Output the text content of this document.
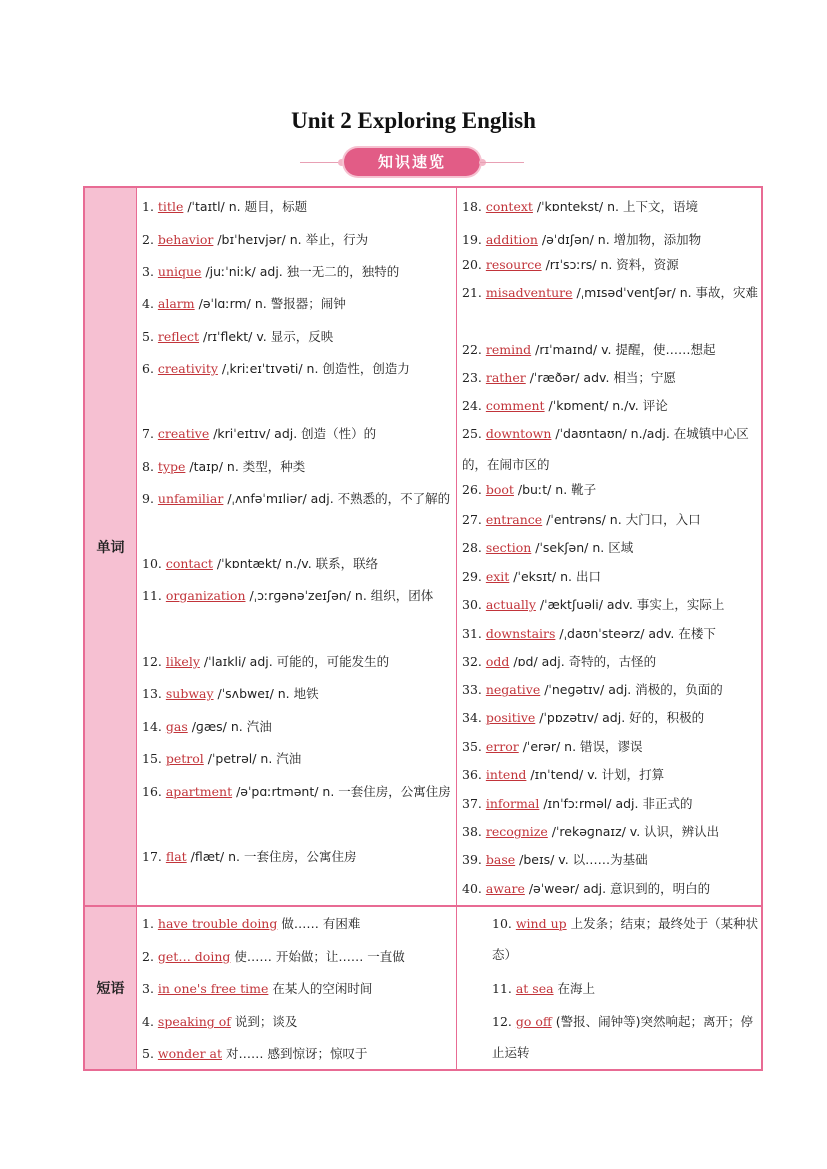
Unit 2 Exploring English
知识速览
单词
短语
1. title /ˈtaɪtl/ n. 题目，标题
2. behavior /bɪˈheɪvjər/ n. 举止，行为
3. unique /juːˈniːk/ adj. 独一无二的，独特的
4. alarm /əˈlɑːrm/ n. 警报器；闹钟
5. reflect /rɪˈflekt/ v. 显示，反映
6. creativity /ˌkriːeɪˈtɪvəti/ n. 创造性，创造力
7. creative /kriˈeɪtɪv/ adj. 创造（性）的
8. type /taɪp/ n. 类型，种类
9. unfamiliar /ˌʌnfəˈmɪliər/ adj. 不熟悉的，不了解的
10. contact /ˈkɒntækt/ n./v. 联系，联络
11. organization /ˌɔːrɡənəˈzeɪʃən/ n. 组织，团体
12. likely /ˈlaɪkli/ adj. 可能的，可能发生的
13. subway /ˈsʌbweɪ/ n. 地铁
14. gas /ɡæs/ n. 汽油
15. petrol /ˈpetrəl/ n. 汽油
16. apartment /əˈpɑːrtmənt/ n. 一套住房，公寓住房
17. flat /flæt/ n. 一套住房，公寓住房
18. context /ˈkɒntekst/ n. 上下文，语境
19. addition /əˈdɪʃən/ n. 增加物，添加物
20. resource /rɪˈsɔːrs/ n. 资料，资源
21. misadventure /ˌmɪsədˈventʃər/ n. 事故，灾难
22. remind /rɪˈmaɪnd/ v. 提醒，使……想起
23. rather /ˈræðər/ adv. 相当；宁愿
24. comment /ˈkɒment/ n./v. 评论
25. downtown /ˈdaʊntaʊn/ n./adj. 在城镇中心区的，在闹市区的
26. boot /buːt/ n. 靴子
27. entrance /ˈentrəns/ n. 大门口，入口
28. section /ˈsekʃən/ n. 区域
29. exit /ˈeksɪt/ n. 出口
30. actually /ˈæktʃuəli/ adv. 事实上，实际上
31. downstairs /ˌdaʊnˈsteərz/ adv. 在楼下
32. odd /ɒd/ adj. 奇特的，古怪的
33. negative /ˈneɡətɪv/ adj. 消极的，负面的
34. positive /ˈpɒzətɪv/ adj. 好的，积极的
35. error /ˈerər/ n. 错误，谬误
36. intend /ɪnˈtend/ v. 计划，打算
37. informal /ɪnˈfɔːrməl/ adj. 非正式的
38. recognize /ˈrekəɡnaɪz/ v. 认识，辨认出
39. base /beɪs/ v. 以……为基础
40. aware /əˈweər/ adj. 意识到的，明白的
1. have trouble doing 做…… 有困难
2. get… doing 使…… 开始做；让…… 一直做
3. in one's free time 在某人的空闲时间
4. speaking of 说到；谈及
5. wonder at 对…… 感到惊讶；惊叹于
10. wind up 上发条；结束；最终处于（某种状态）
11. at sea 在海上
12. go off (警报、闹钟等)突然响起；离开；停止运转
